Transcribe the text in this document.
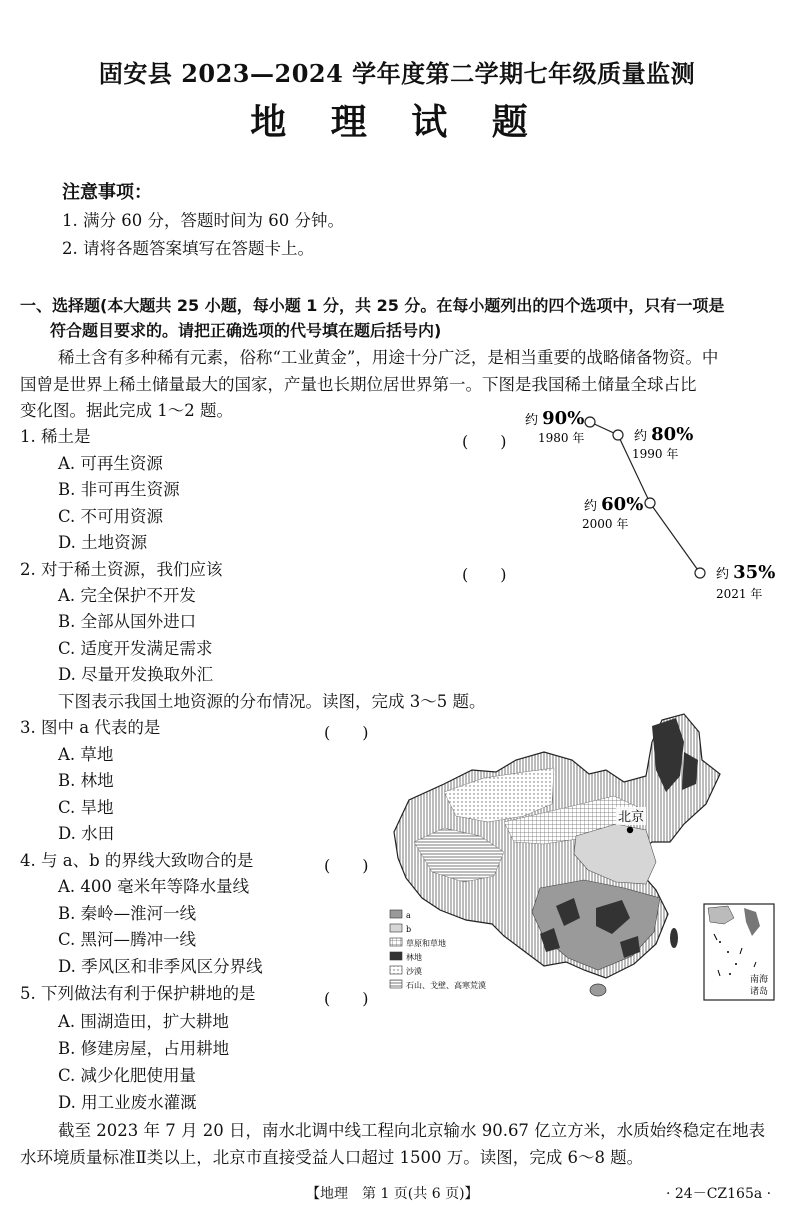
固安县 2023—2024 学年度第二学期七年级质量监测
地 理 试 题
注意事项：
1. 满分 60 分，答题时间为 60 分钟。
2. 请将各题答案填写在答题卡上。
一、选择题(本大题共 25 小题，每小题 1 分，共 25 分。在每小题列出的四个选项中，只有一项是
符合题目要求的。请把正确选项的代号填在题后括号内)
稀土含有多种稀有元素，俗称“工业黄金”，用途十分广泛，是相当重要的战略储备物资。中
国曾是世界上稀土储量最大的国家，产量也长期位居世界第一。下图是我国稀土储量全球占比
变化图。据此完成 1～2 题。
1. 稀土是	(　　)
A. 可再生资源
B. 非可再生资源
C. 不可用资源
D. 土地资源
2. 对于稀土资源，我们应该	(　　)
A. 完全保护不开发
B. 全部从国外进口
C. 适度开发满足需求
D. 尽量开发换取外汇
约 90%
1980 年	约 80%
1990 年
约 60%
2000 年
约 35%
2021 年
下图表示我国土地资源的分布情况。读图，完成 3～5 题。
3. 图中 a 代表的是	(　　)
A. 草地
B. 林地
C. 旱地
D. 水田
4. 与 a、b 的界线大致吻合的是	(　　)
A. 400 毫米年等降水量线
B. 秦岭—淮河一线
C. 黑河—腾冲一线
D. 季风区和非季风区分界线
5. 下列做法有利于保护耕地的是	(　　)
A. 围湖造田，扩大耕地
B. 修建房屋，占用耕地
C. 减少化肥使用量
D. 用工业废水灌溉
北京
a
b
草原和草地
林地
沙漠
石山、戈壁、高寒荒漠
南海
诸岛
截至 2023 年 7 月 20 日，南水北调中线工程向北京输水 90.67 亿立方米，水质始终稳定在地表
水环境质量标准Ⅱ类以上，北京市直接受益人口超过 1500 万。读图，完成 6～8 题。
【地理　第 1 页(共 6 页)】	· 24－CZ165a ·
